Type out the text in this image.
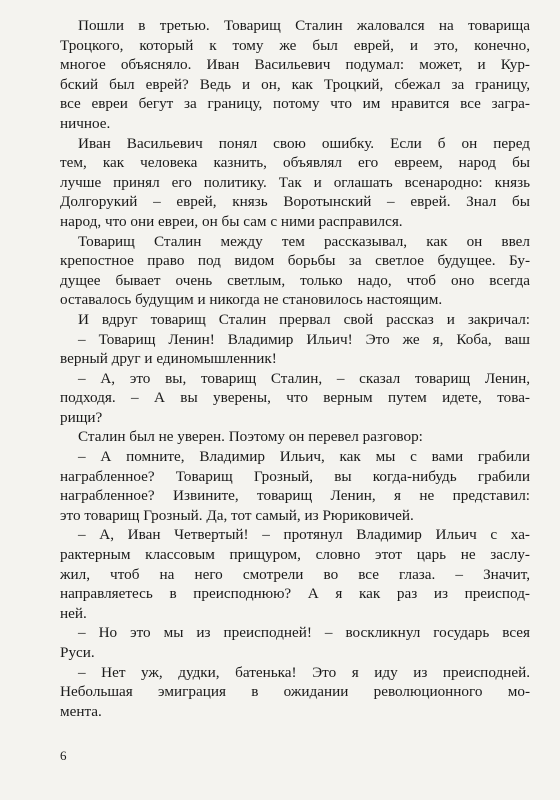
Пошли в третью. Товарищ Сталин жаловался на товарища
Троцкого, который к тому же был еврей, и это, конечно,
многое объясняло. Иван Васильевич подумал: может, и Кур-
бский был еврей? Ведь и он, как Троцкий, сбежал за границу,
все евреи бегут за границу, потому что им нравится все загра-
ничное.
Иван Васильевич понял свою ошибку. Если б он перед
тем, как человека казнить, объявлял его евреем, народ бы
лучше принял его политику. Так и оглашать всенародно: князь
Долгорукий – еврей, князь Воротынский – еврей. Знал бы
народ, что они евреи, он бы сам с ними расправился.
Товарищ Сталин между тем рассказывал, как он ввел
крепостное право под видом борьбы за светлое будущее. Бу-
дущее бывает очень светлым, только надо, чтоб оно всегда
оставалось будущим и никогда не становилось настоящим.
И вдруг товарищ Сталин прервал свой рассказ и закричал:
– Товарищ Ленин! Владимир Ильич! Это же я, Коба, ваш
верный друг и единомышленник!
– А, это вы, товарищ Сталин, – сказал товарищ Ленин,
подходя. – А вы уверены, что верным путем идете, това-
рищи?
Сталин был не уверен. Поэтому он перевел разговор:
– А помните, Владимир Ильич, как мы с вами грабили
награбленное? Товарищ Грозный, вы когда-нибудь грабили
награбленное? Извините, товарищ Ленин, я не представил:
это товарищ Грозный. Да, тот самый, из Рюриковичей.
– А, Иван Четвертый! – протянул Владимир Ильич с ха-
рактерным классовым прищуром, словно этот царь не заслу-
жил, чтоб на него смотрели во все глаза. – Значит,
направляетесь в преисподнюю? А я как раз из преиспод-
ней.
– Но это мы из преисподней! – воскликнул государь всея
Руси.
– Нет уж, дудки, батенька! Это я иду из преисподней.
Небольшая эмиграция в ожидании революционного мо-
мента.
6
